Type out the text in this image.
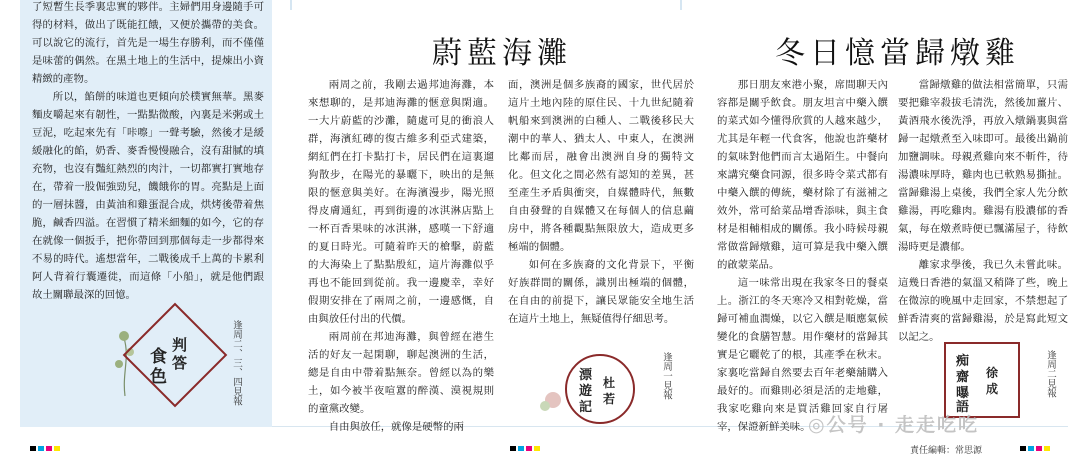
了短暫生長季裏忠實的夥伴。主婦們用身邊隨手可得的材料，做出了既能扛餓，又便於攜帶的美食。可以說它的流行，首先是一場生存勝利，而不僅僅是味蕾的偶然。在黑土地上的生活中，提煉出小資精緻的產物。

所以，餡餅的味道也更傾向於樸實無華。黑麥麵皮嚼起來有韌性，一點點微酸，內裏是米粥或土豆泥，吃起來先有「咔嚓」一聲考驗，然後才是緩緩融化的餡，奶香、麥香慢慢融合，沒有甜膩的填充物，也沒有豔紅熱烈的肉汁，一切都實打實地存在，帶着一股倔強勁兒，饑餓你的胃。亮點是上面的一層抹醬，由黃油和雞蛋混合成，烘烤後帶着焦脆，鹹香四溢。在習慣了精米細麵的如今，它的存在就像一個扳手，把你帶回到那個每走一步都得來不易的時代。遙想當年，二戰後成千上萬的卡累利阿人背着行囊遷徙，而這條「小船」，就是他們跟故土關聯最深的回憶。

食
色
判
答	逢周二、三、四見報
蔚藍海灘

兩周之前，我剛去過邦迪海灘，本來想聊的，是邦迪海灘的愜意與閑適。一大片蔚藍的沙灘，隨處可見的衝浪人群，海濱紅磚的復古維多利亞式建築，網紅們在打卡點打卡，居民們在這裏遛狗散步，在陽光的暴曬下，映出的是無限的愜意與美好。在海濱漫步，陽光照得皮膚通紅，再到街邊的冰淇淋店點上一杯百香果味的冰淇淋，感嘆一下舒適的夏日時光。可隨着昨天的槍擊，蔚藍的大海染上了點點殷紅，這片海灘似乎再也不能回到從前。我一邊慶幸，幸好假期安排在了兩周之前，一邊感慨，自由與放任付出的代價。

兩周前在邦迪海灘，與曾經在港生活的好友一起閑聊，聊起澳洲的生活，總是自由中帶着點無奈。曾經以為的樂土，如今被半夜喧囂的醉漢、漠視規則的童黨改變。

自由與放任，就像是硬幣的兩

面，澳洲是個多族裔的國家，世代居於這片土地內陸的原住民、十九世紀隨着帆船來到澳洲的白種人、二戰後移民大潮中的華人、猶太人、中東人，在澳洲比鄰而居，融會出澳洲自身的獨特文化。但文化之間必然有認知的差異，甚至產生矛盾與衝突，自媒體時代，無數自由發聲的自媒體又在每個人的信息繭房中，將各種觀點無限放大，造成更多極端的個體。

如何在多族裔的文化背景下，平衡好族群間的關係，識別出極端的個體，在自由的前提下，讓民眾能安全地生活在這片土地上，無疑值得仔細思考。

漂
遊
記
杜
若	逢周一見報
冬日憶當歸燉雞

那日朋友來港小聚，席間聊天內容都是關乎飲食。朋友坦言中藥入饌的菜式如今懂得欣賞的人越來越少，尤其是年輕一代食客，他說也許藥材的氣味對他們而言太過陌生。中餐向來講究藥食同源，很多時令菜式都有中藥入饌的傳統，藥材除了有滋補之效外，常可給菜品增香添味，與主食材是相輔相成的關係。我小時候母親常做當歸燉雞，這可算是我中藥入饌的啟蒙菜品。

這一味常出現在我家冬日的餐桌上。浙江的冬天寒冷又相對乾燥，當歸可補血潤燥，以它入饌是順應氣候變化的食膳智慧。用作藥材的當歸其實是它曬乾了的根，其產季在秋末。家裏吃當歸自然要去百年老藥舖購入最好的。而雞則必須是活的走地雞，我家吃雞向來是買活雞回家自行屠宰，保證新鮮美味。

當歸燉雞的做法相當簡單，只需要把雞宰殺拔毛清洗，然後加薑片、黃酒飛水後洗淨，再放入燉鍋裏與當歸一起燉煮至入味即可。最後出鍋前加鹽調味。母親煮雞向來不斬件，待湯濃味厚時，雞肉也已軟熟易撕扯。當歸雞湯上桌後，我們全家人先分飲雞湯，再吃雞肉。雞湯有股濃郁的香氣，每在燉煮時便已飄滿屋子，待飲湯時更是濃郁。

離家求學後，我已久未嘗此味。這幾日香港的氣溫又稍降了些，晚上在微涼的晚風中走回家，不禁想起了鮮香清爽的當歸雞湯，於是寫此短文以記之。

痴
齋
曝
語
徐
成	逢周二見報
◎公号 · 走走吃吃
責任編輯：常思源
